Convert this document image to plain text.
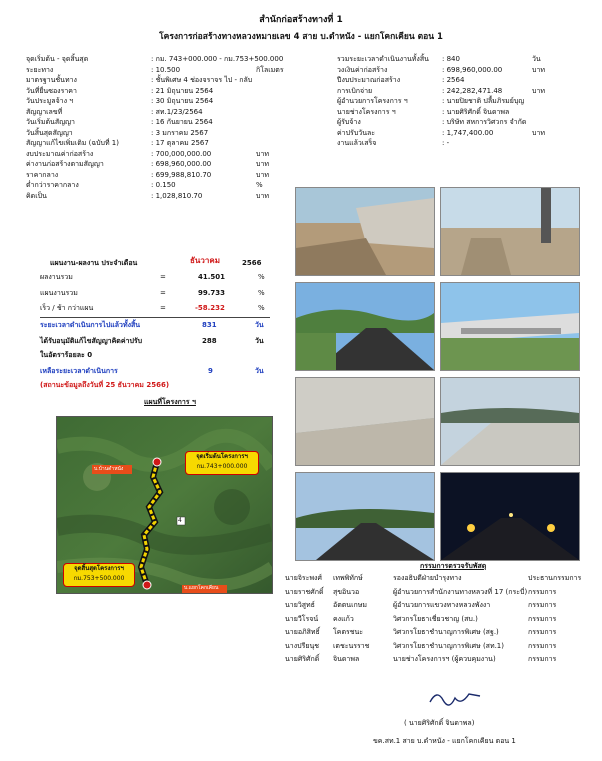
สำนักก่อสร้างทางที่ 1
โครงการก่อสร้างทางหลวงหมายเลข 4 สาย บ.ดำหนัง - แยกโคกเคียน ตอน 1
จุดเริ่มต้น - จุดสิ้นสุด	: กม. 743+000.000 - กม.753+500.000
ระยะทาง	: 10.500	กิโลเมตร
มาตรฐานชั้นทาง	: ชั้นพิเศษ 4 ช่องจราจร ไป - กลับ
วันที่ยื่นซองราคา	: 21 มิถุนายน 2564
วันประมูลจ้าง ฯ	: 30 มิถุนายน 2564
สัญญาเลขที่	: สท.1/23/2564
วันเริ่มต้นสัญญา	: 16 กันยายน 2564
วันสิ้นสุดสัญญา	: 3 มกราคม 2567
สัญญาแก้ไขเพิ่มเติม (ฉบับที่ 1)	: 17 ตุลาคม 2567
งบประมาณค่าก่อสร้าง	: 700,000,000.00	บาท
ค่างานก่อสร้างตามสัญญา	: 698,960,000.00	บาท
ราคากลาง	: 699,988,810.70	บาท
ต่ำกว่าราคากลาง	: 0.150	%
คิดเป็น	: 1,028,810.70	บาท
รวมระยะเวลาดำเนินงานทั้งสิ้น : 840	วัน
วงเงินค่าก่อสร้าง	: 698,960,000.00	บาท
ปีงบประมาณก่อสร้าง	: 2564
การเบิกจ่าย	: 242,282,471.48	บาท
ผู้อำนวยการโครงการ ฯ	: นายปิยชาติ ปลื้มภิรมย์บุญ
นายช่างโครงการ ฯ	: นายศิริศักดิ์ จินดาพล
ผู้รับจ้าง	: บริษัท สหการวิศวกร จำกัด
ค่าปรับวันละ	: 1,747,400.00	บาท
งานแล้วเสร็จ	: -
แผนงาน-ผลงาน ประจำเดือน	ธันวาคม	2566
ผลงานรวม	=	41.501	%
แผนงานรวม	=	99.733	%
เร็ว / ช้า กว่าแผน	=	-58.232	%
ระยะเวลาดำเนินการไปแล้วทั้งสิ้น	831	วัน
ได้รับอนุมัติแก้ไขสัญญาคิดค่าปรับ	288	วัน
ในอัตราร้อยละ 0
เหลือระยะเวลาดำเนินการ	9	วัน
(สถานะข้อมูลถึงวันที่ 25 ธันวาคม 2566)
แผนที่โครงการ ฯ
บ.บ้านดำหนัง
บ.แยกโคกเคียน
4
จุดเริ่มต้นโครงการฯ
กม.743+000.000
จุดสิ้นสุดโครงการฯ
กม.753+500.000
กรรมการตรวจรับพัสดุ
นายจิระพงศ์ เทพพิทักษ์	รองอธิบดีฝ่ายบำรุงทาง	ประธานกรรมการ
นายราชศักดิ์ สุขอินวอ	ผู้อำนวยการสำนักงานทางหลวงที่ 17 (กระบี่) กรรมการ
นายวิสูทธ์	อัตตนเกษม	ผู้อำนวยการแขวงทางหลวงพังงา	กรรมการ
นายวีโรจน์ คงแก้ว	วิศวกรโยธาเชี่ยวชาญ (สบ.)	กรรมการ
นายอภิสิทธิ์ โคตรชนะ	วิศวกรโยธาชำนาญการพิเศษ (สฐ.)	กรรมการ
นางปรียนุช เตชะนรราช	วิศวกรโยธาชำนาญการพิเศษ (สท.1)	กรรมการ
นายศิริศักดิ์ จินดาพล	นายช่างโครงการฯ (ผู้ควบคุมงาน)	กรรมการ
( นายศิริศักดิ์ จินดาพล)
ขค.สท.1 สาย บ.ดำหนัง - แยกโคกเคียน ตอน 1
